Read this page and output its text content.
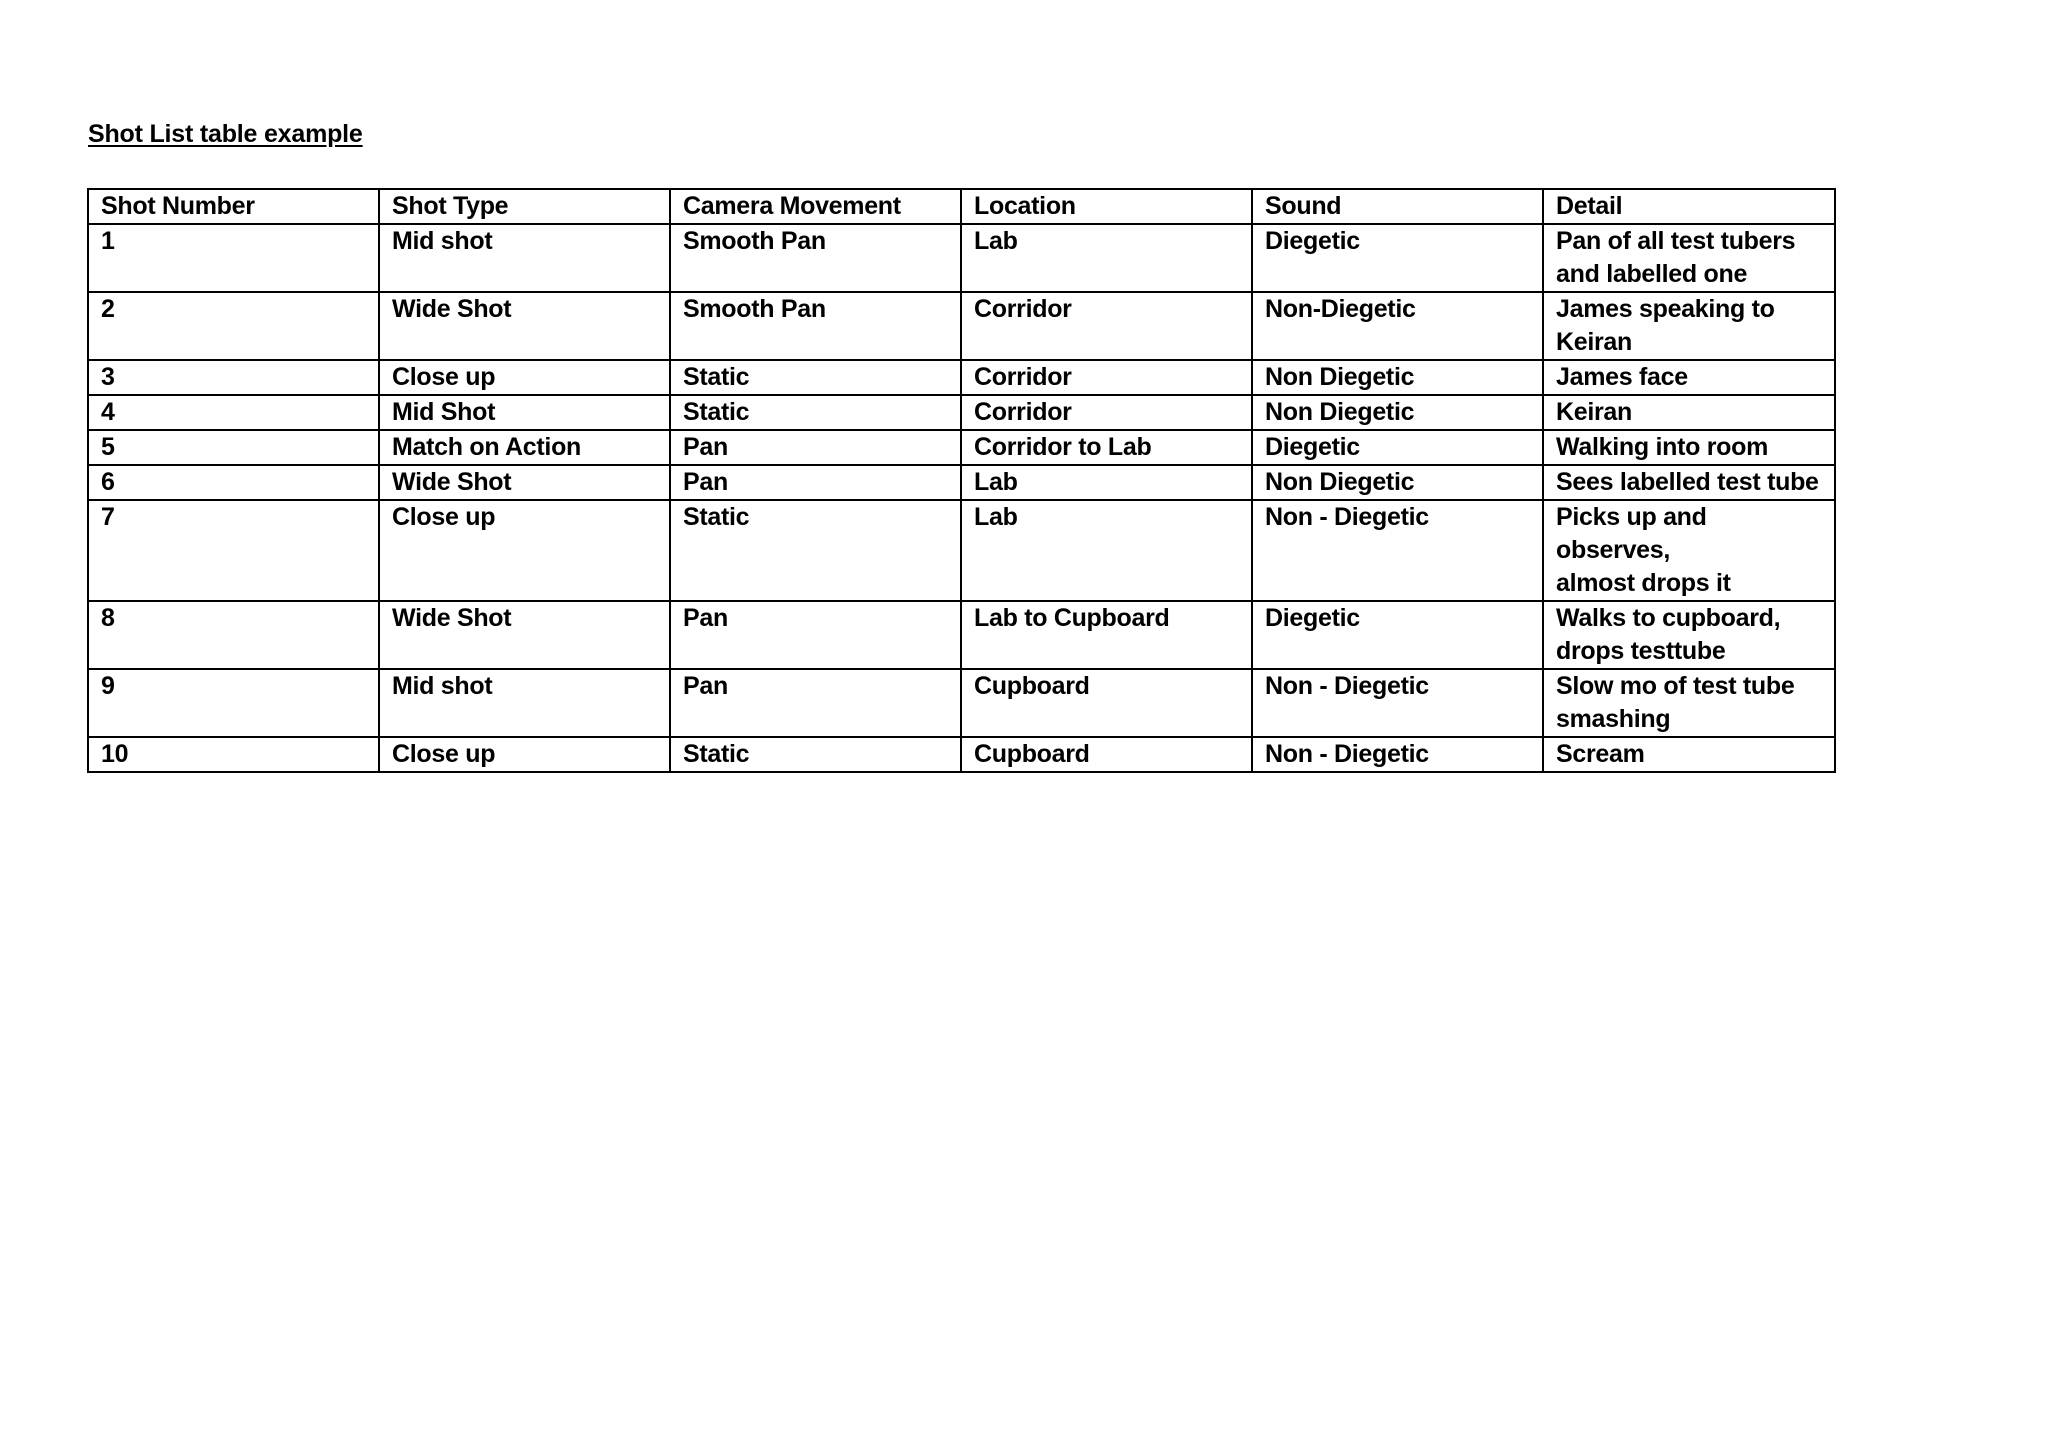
Shot List table example
Shot Number	Shot Type	Camera Movement	Location	Sound	Detail
1	Mid shot	Smooth Pan	Lab	Diegetic	Pan of all test tubers
and labelled one
2	Wide Shot	Smooth Pan	Corridor	Non-Diegetic	James speaking to
Keiran
3	Close up	Static	Corridor	Non Diegetic	James face
4	Mid Shot	Static	Corridor	Non Diegetic	Keiran
5	Match on Action	Pan	Corridor to Lab	Diegetic	Walking into room
6	Wide Shot	Pan	Lab	Non Diegetic	Sees labelled test tube
7	Close up	Static	Lab	Non - Diegetic	Picks up and observes,
almost drops it
8	Wide Shot	Pan	Lab to Cupboard	Diegetic	Walks to cupboard,
drops testtube
9	Mid shot	Pan	Cupboard	Non - Diegetic	Slow mo of test tube
smashing
10	Close up	Static	Cupboard	Non - Diegetic	Scream
